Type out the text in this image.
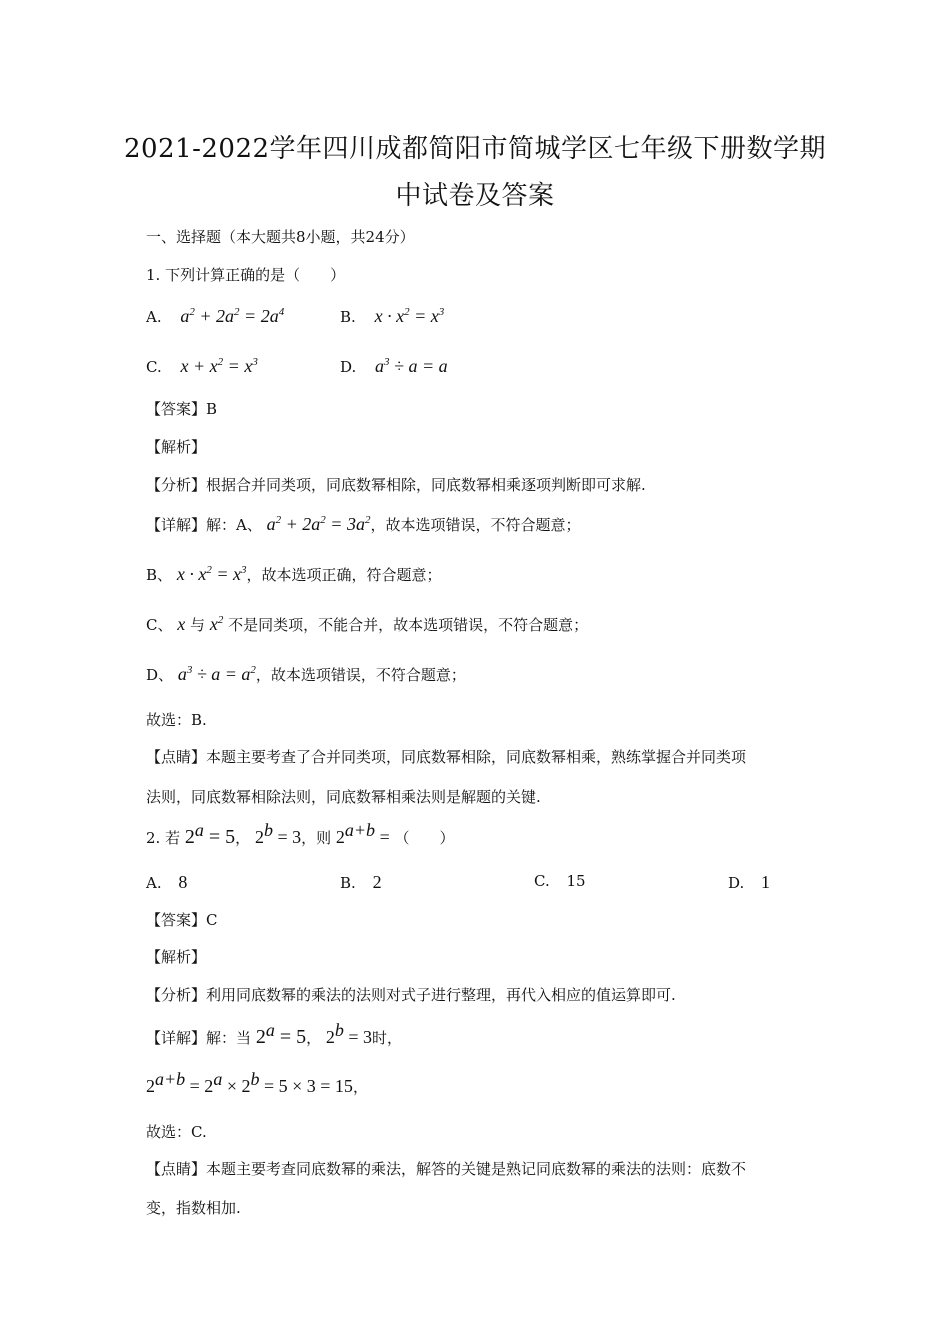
2021-2022学年四川成都简阳市简城学区七年级下册数学期
中试卷及答案
一、选择题（本大题共8小题，共24分）
1. 下列计算正确的是（　　）
A. $a^2 + 2a^2 = 2a^4$	B. $x \cdot x^2 = x^3$
C. $x + x^2 = x^3$	D. $a^3 \div a = a$
【答案】B
【解析】
【分析】根据合并同类项，同底数幂相除，同底数幂相乘逐项判断即可求解.
【详解】解：A、 $a^2 + 2a^2 = 3a^2$，故本选项错误，不符合题意；
B、 $x \cdot x^2 = x^3$，故本选项正确，符合题意；
C、 x 与 $x^2$ 不是同类项，不能合并，故本选项错误，不符合题意；
D、 $a^3 \div a = a^2$，故本选项错误，不符合题意；
故选：B.
【点睛】本题主要考查了合并同类项，同底数幂相除，同底数幂相乘，熟练掌握合并同类项
法则，同底数幂相除法则，同底数幂相乘法则是解题的关键.
2. 若 $2^a = 5$， $2^b = 3$，则 $2^{a+b}$ = （　　）
A. 8	B. 2	C. 15	D. 1
【答案】C
【解析】
【分析】利用同底数幂的乘法的法则对式子进行整理，再代入相应的值运算即可.
【详解】解：当 $2^a = 5$， $2^b = 3$时，
$2^{a+b} = 2^a \times 2^b = 5 \times 3 = 15$，
故选：C.
【点睛】本题主要考查同底数幂的乘法，解答的关键是熟记同底数幂的乘法的法则：底数不
变，指数相加.
